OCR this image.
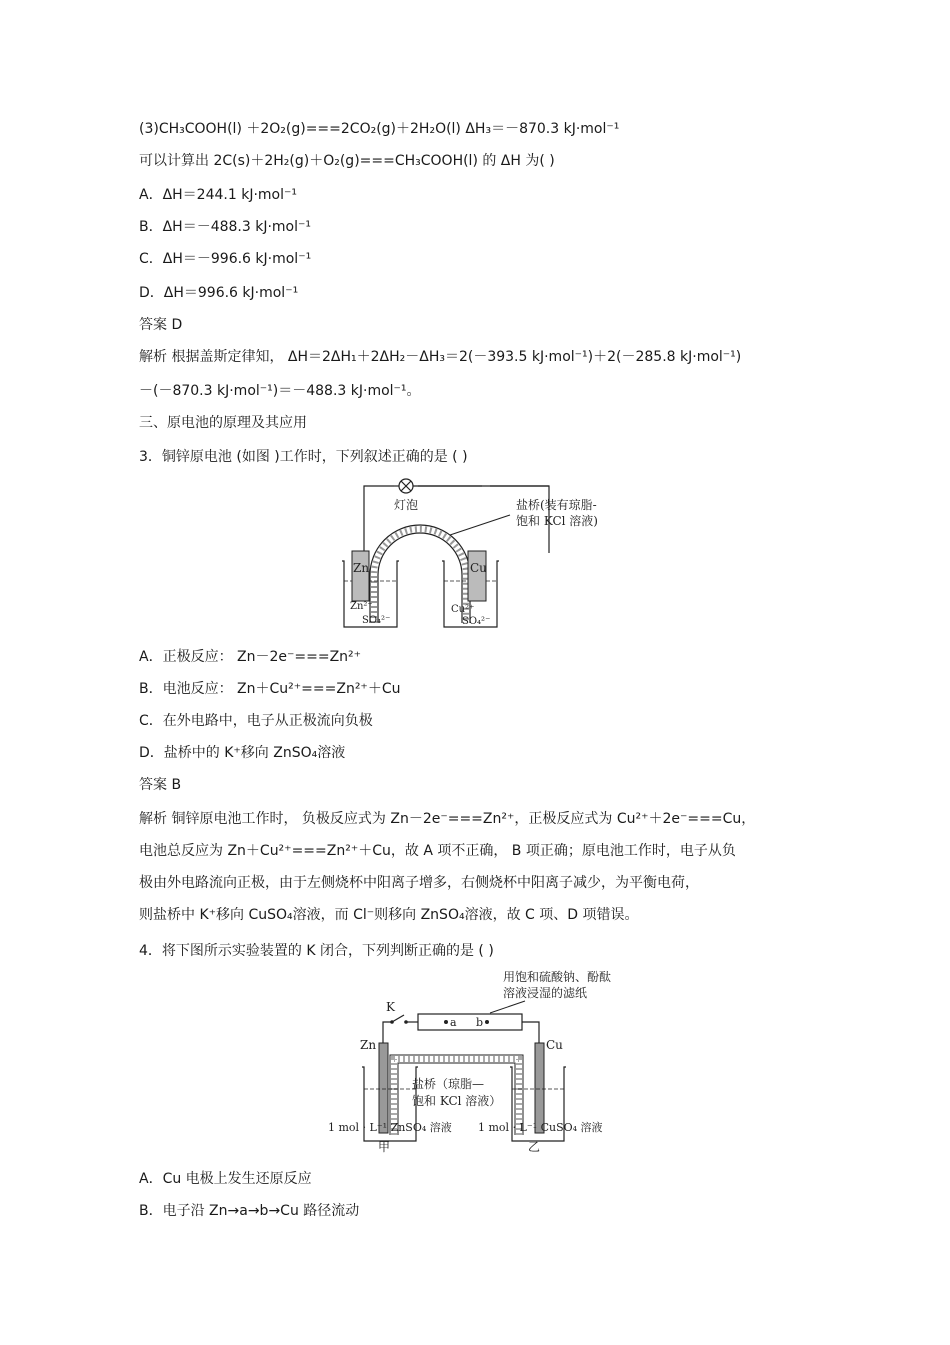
(3)CH₃COOH(l) ＋2O₂(g)===2CO₂(g)＋2H₂O(l) ΔH₃＝－870.3 kJ·mol⁻¹
可以计算出 2C(s)＋2H₂(g)＋O₂(g)===CH₃COOH(l) 的 ΔH 为( )
A．ΔH＝244.1 kJ·mol⁻¹
B．ΔH＝－488.3 kJ·mol⁻¹
C．ΔH＝－996.6 kJ·mol⁻¹
D．ΔH＝996.6 kJ·mol⁻¹
答案 D
解析 根据盖斯定律知， ΔH＝2ΔH₁＋2ΔH₂－ΔH₃＝2(－393.5 kJ·mol⁻¹)＋2(－285.8 kJ·mol⁻¹)
－(－870.3 kJ·mol⁻¹)＝－488.3 kJ·mol⁻¹。
三、原电池的原理及其应用
3．铜锌原电池 (如图 )工作时，下列叙述正确的是 ( )
灯泡	盐桥(装有琼脂-
饱和 KCl 溶液)
Zn
Zn²⁺
SO₄²⁻
Cu
Cu²⁺
SO₄²⁻
A．正极反应： Zn－2e⁻===Zn²⁺
B．电池反应： Zn＋Cu²⁺===Zn²⁺＋Cu
C．在外电路中，电子从正极流向负极
D．盐桥中的 K⁺移向 ZnSO₄溶液
答案 B
解析 铜锌原电池工作时， 负极反应式为 Zn－2e⁻===Zn²⁺，正极反应式为 Cu²⁺＋2e⁻===Cu，
电池总反应为 Zn＋Cu²⁺===Zn²⁺＋Cu，故 A 项不正确， B 项正确；原电池工作时，电子从负
极由外电路流向正极，由于左侧烧杯中阳离子增多，右侧烧杯中阳离子减少，为平衡电荷，
则盐桥中 K⁺移向 CuSO₄溶液，而 Cl⁻则移向 ZnSO₄溶液，故 C 项、D 项错误。
4．将下图所示实验装置的 K 闭合，下列判断正确的是 ( )
用饱和硫酸钠、酚酞
溶液浸湿的滤纸
a b
K
Zn	Cu
盐桥（琼脂—
饱和 KCl 溶液）
1 mol · L⁻¹ ZnSO₄ 溶液 1 mol · L⁻¹ CuSO₄ 溶液
甲	乙
A．Cu 电极上发生还原反应
B．电子沿 Zn→a→b→Cu 路径流动
